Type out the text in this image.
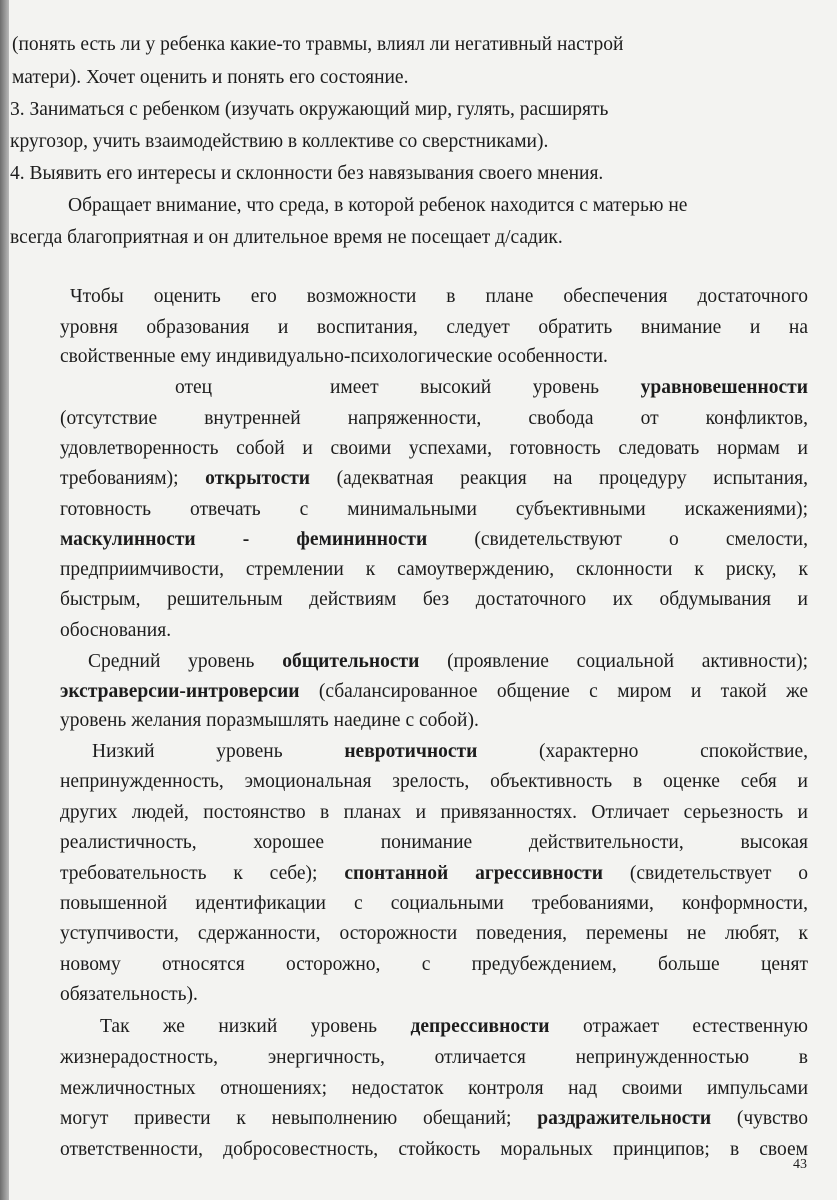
(понять есть ли у ребенка какие-то травмы, влиял ли негативный настрой
матери). Хочет оценить и понять его состояние.
3. Заниматься с ребенком (изучать окружающий мир, гулять, расширять
кругозор, учить взаимодействию в коллективе со сверстниками).
4. Выявить его интересы и склонности без навязывания своего мнения.
Обращает внимание, что среда, в которой ребенок находится с матерью не
всегда благоприятная и он длительное время не посещает д/садик.
Чтобы оценить его возможности в плане обеспечения достаточного
уровня образования и воспитания, следует обратить внимание и на
свойственные ему индивидуально-психологические особенности.
отец	имеет высокий уровень уравновешенности
(отсутствие внутренней напряженности, свобода от конфликтов,
удовлетворенность собой и своими успехами, готовность следовать нормам и
требованиям); открытости (адекватная реакция на процедуру испытания,
готовность отвечать с минимальными субъективными искажениями);
маскулинности - фемининности (свидетельствуют о смелости,
предприимчивости, стремлении к самоутверждению, склонности к риску, к
быстрым, решительным действиям без достаточного их обдумывания и
обоснования.
Средний уровень общительности (проявление социальной активности);
экстраверсии-интроверсии (сбалансированное общение с миром и такой же
уровень желания поразмышлять наедине с собой).
Низкий уровень невротичности (характерно спокойствие,
непринужденность, эмоциональная зрелость, объективность в оценке себя и
других людей, постоянство в планах и привязанностях. Отличает серьезность и
реалистичность, хорошее понимание действительности, высокая
требовательность к себе); спонтанной агрессивности (свидетельствует о
повышенной идентификации с социальными требованиями, конформности,
уступчивости, сдержанности, осторожности поведения, перемены не любят, к
новому относятся осторожно, с предубеждением, больше ценят
обязательность).
Так же низкий уровень депрессивности отражает естественную
жизнерадостность, энергичность, отличается непринужденностью в
межличностных отношениях; недостаток контроля над своими импульсами
могут привести к невыполнению обещаний; раздражительности (чувство
ответственности, добросовестность, стойкость моральных принципов; в своем
43
